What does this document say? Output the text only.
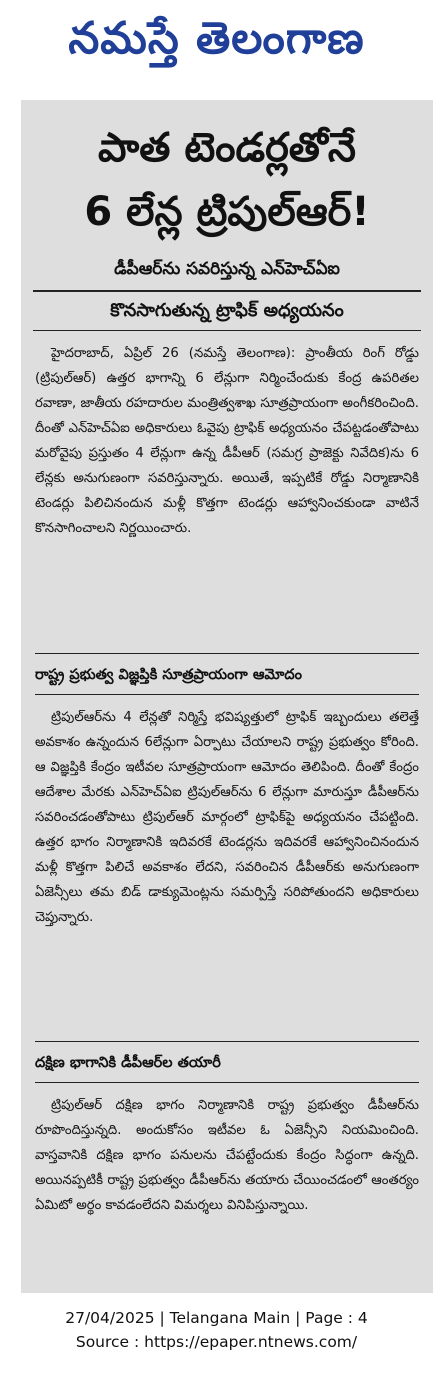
నమస్తే తెలంగాణ
పాత టెండర్లతోనే
6 లేన్ల ట్రిపుల్‌ఆర్!
డీపీఆర్‌ను సవరిస్తున్న ఎన్‌హెచ్‌ఏఐ
కొనసాగుతున్న ట్రాఫిక్ అధ్యయనం
హైదరాబాద్, ఏప్రిల్ 26 (నమస్తే తెలంగాణ): ప్రాంతీయ రింగ్ రోడ్డు (ట్రిపుల్‌ఆర్) ఉత్తర భాగాన్ని 6 లేన్లుగా నిర్మించేందుకు కేంద్ర ఉపరితల రవాణా, జాతీయ రహదారుల మంత్రిత్వశాఖ సూత్రప్రాయంగా అంగీకరించింది. దీంతో ఎన్‌హెచ్‌ఏఐ అధికారులు ఓవైపు ట్రాఫిక్ అధ్యయనం చేపట్టడంతోపాటు మరోవైపు ప్రస్తుతం 4 లేన్లుగా ఉన్న డీపీఆర్ (సమగ్ర ప్రాజెక్టు నివేదిక)ను 6 లేన్లకు అనుగుణంగా సవరిస్తున్నారు. అయితే, ఇప్పటికే రోడ్డు నిర్మాణానికి టెండర్లు పిలిచినందున మళ్లీ కొత్తగా టెండర్లు ఆహ్వానించకుండా వాటినే కొనసాగించాలని నిర్ణయించారు.
రాష్ట్ర ప్రభుత్వ విజ్ఞప్తికి సూత్రప్రాయంగా ఆమోదం
ట్రిపుల్‌ఆర్‌ను 4 లేన్లతో నిర్మిస్తే భవిష్యత్తులో ట్రాఫిక్ ఇబ్బందులు తలెత్తే అవకాశం ఉన్నందున 6లేన్లుగా ఏర్పాటు చేయాలని రాష్ట్ర ప్రభుత్వం కోరింది. ఆ విజ్ఞప్తికి కేంద్రం ఇటీవల సూత్రప్రాయంగా ఆమోదం తెలిపింది. దీంతో కేంద్రం ఆదేశాల మేరకు ఎన్‌హెచ్‌ఏఐ ట్రిపుల్‌ఆర్‌ను 6 లేన్లుగా మారుస్తూ డీపీఆర్‌ను సవరించడంతోపాటు ట్రిపుల్‌ఆర్ మార్గంలో ట్రాఫిక్‌పై అధ్యయనం చేపట్టింది. ఉత్తర భాగం నిర్మాణానికి ఇదివరకే టెండర్లను ఇదివరకే ఆహ్వానించినందున మళ్లీ కొత్తగా పిలిచే అవకాశం లేదని, సవరించిన డీపీఆర్‌కు అనుగుణంగా ఏజెన్సీలు తమ బిడ్ డాక్యుమెంట్లను సమర్పిస్తే సరిపోతుందని అధికారులు చెప్తున్నారు.
దక్షిణ భాగానికి డీపీఆర్‌ల తయారీ
ట్రిపుల్‌ఆర్ దక్షిణ భాగం నిర్మాణానికి రాష్ట్ర ప్రభుత్వం డీపీఆర్‌ను రూపొందిస్తున్నది. అందుకోసం ఇటీవల ఓ ఏజెన్సీని నియమించింది. వాస్తవానికి దక్షిణ భాగం పనులను చేపట్టేందుకు కేంద్రం సిద్ధంగా ఉన్నది. అయినప్పటికీ రాష్ట్ర ప్రభుత్వం డీపీఆర్‌ను తయారు చేయించడంలో ఆంతర్యం ఏమిటో అర్థం కావడంలేదని విమర్శలు వినిపిస్తున్నాయి.
27/04/2025 | Telangana Main | Page : 4
Source : https://epaper.ntnews.com/
